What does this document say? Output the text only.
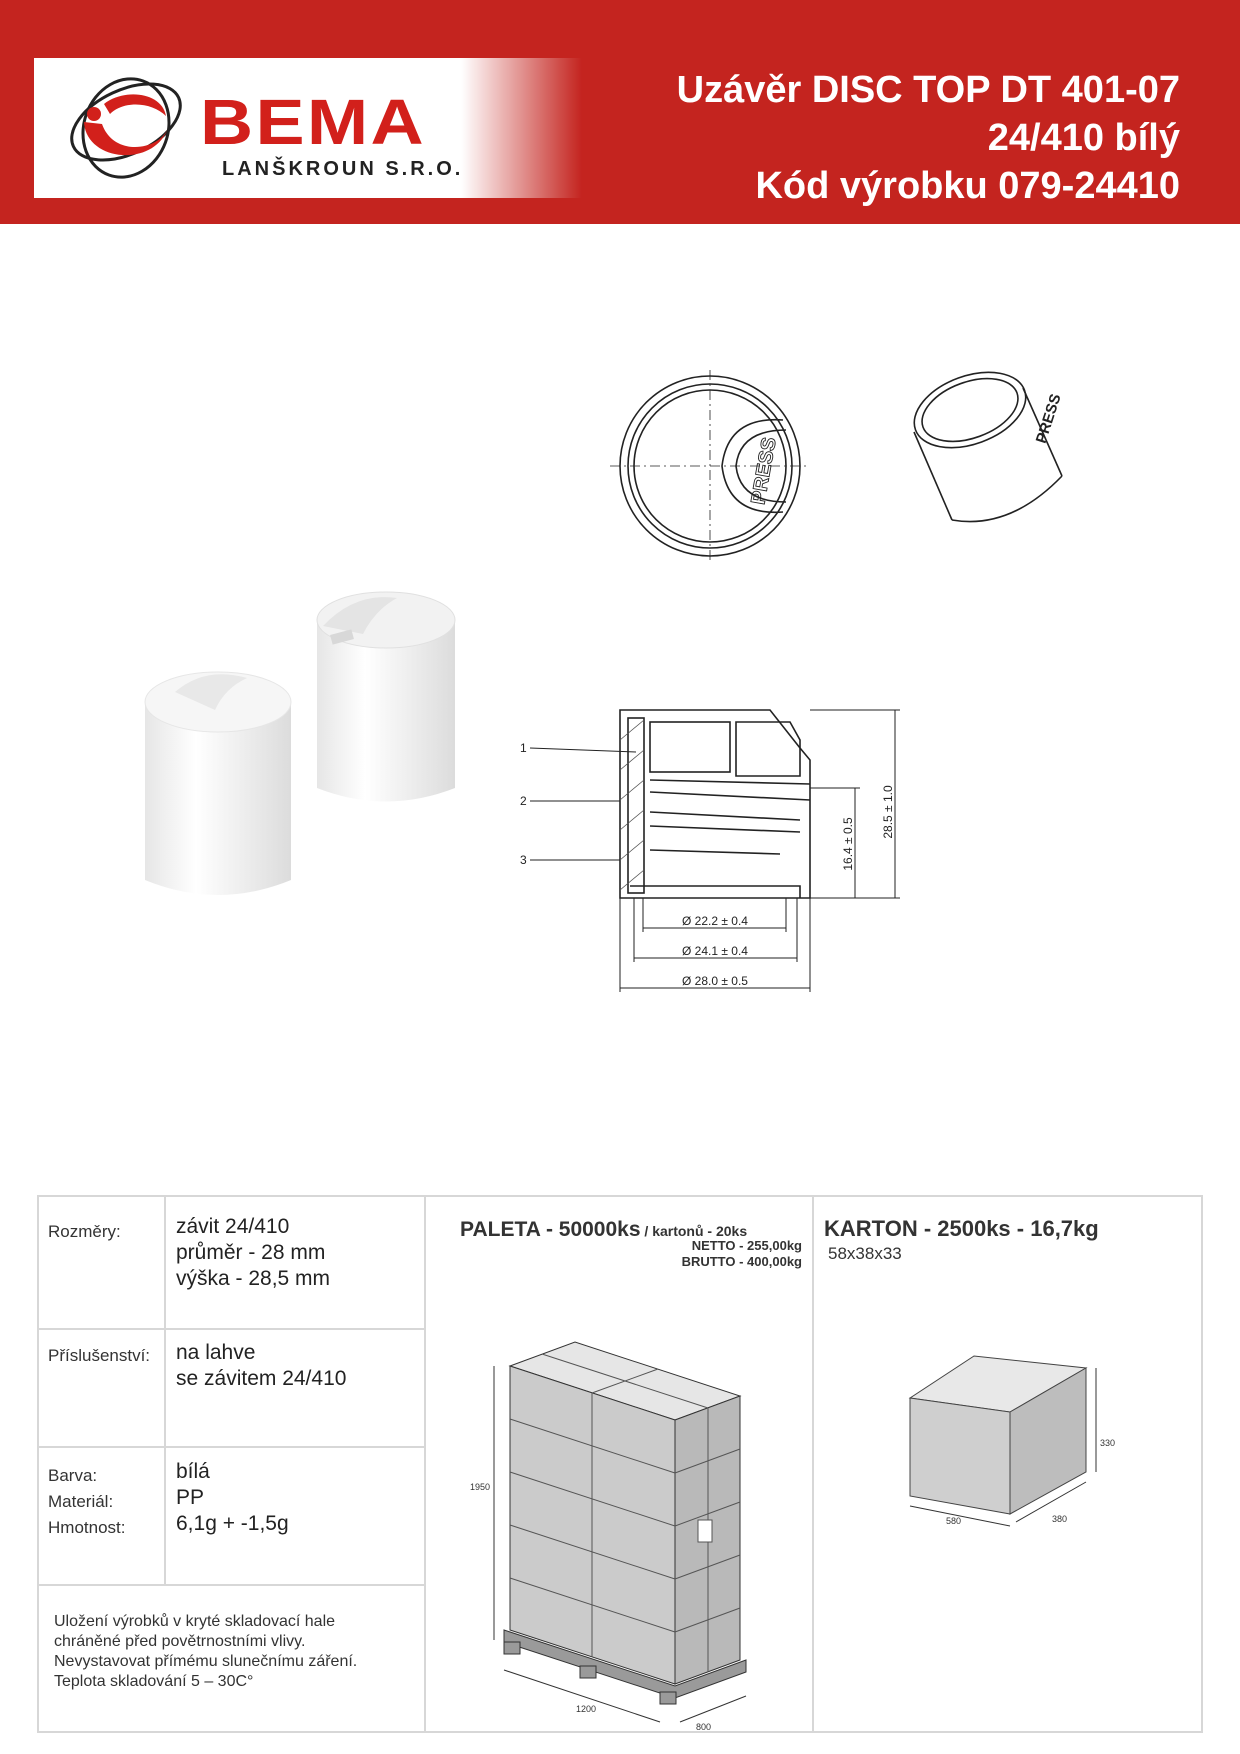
BEMA
LANŠKROUN S.R.O.
Uzávěr DISC TOP DT 401-07
24/410 bílý
Kód výrobku 079-24410
PRESS
PRESS
1
2
3
28.5 ± 1.0
16.4 ± 0.5
Ø 22.2 ± 0.4
Ø 24.1 ± 0.4
Ø 28.0 ± 0.5
Rozměry:	závit 24/410
průměr - 28 mm
výška - 28,5 mm
Příslušenství: na lahve
se závitem 24/410
Barva:	bílá
Materiál:	PP
Hmotnost: 6,1g + -1,5g
Uložení výrobků v kryté skladovací hale
chráněné před povětrnostními vlivy.
Nevystavovat přímému slunečnímu záření.
Teplota skladování 5 – 30C°
PALETA - 50000ks / kartonů - 20ks
NETTO - 255,00kg
BRUTTO - 400,00kg
1950
1200
800
KARTON - 2500ks - 16,7kg
58x38x33
330
580	380
